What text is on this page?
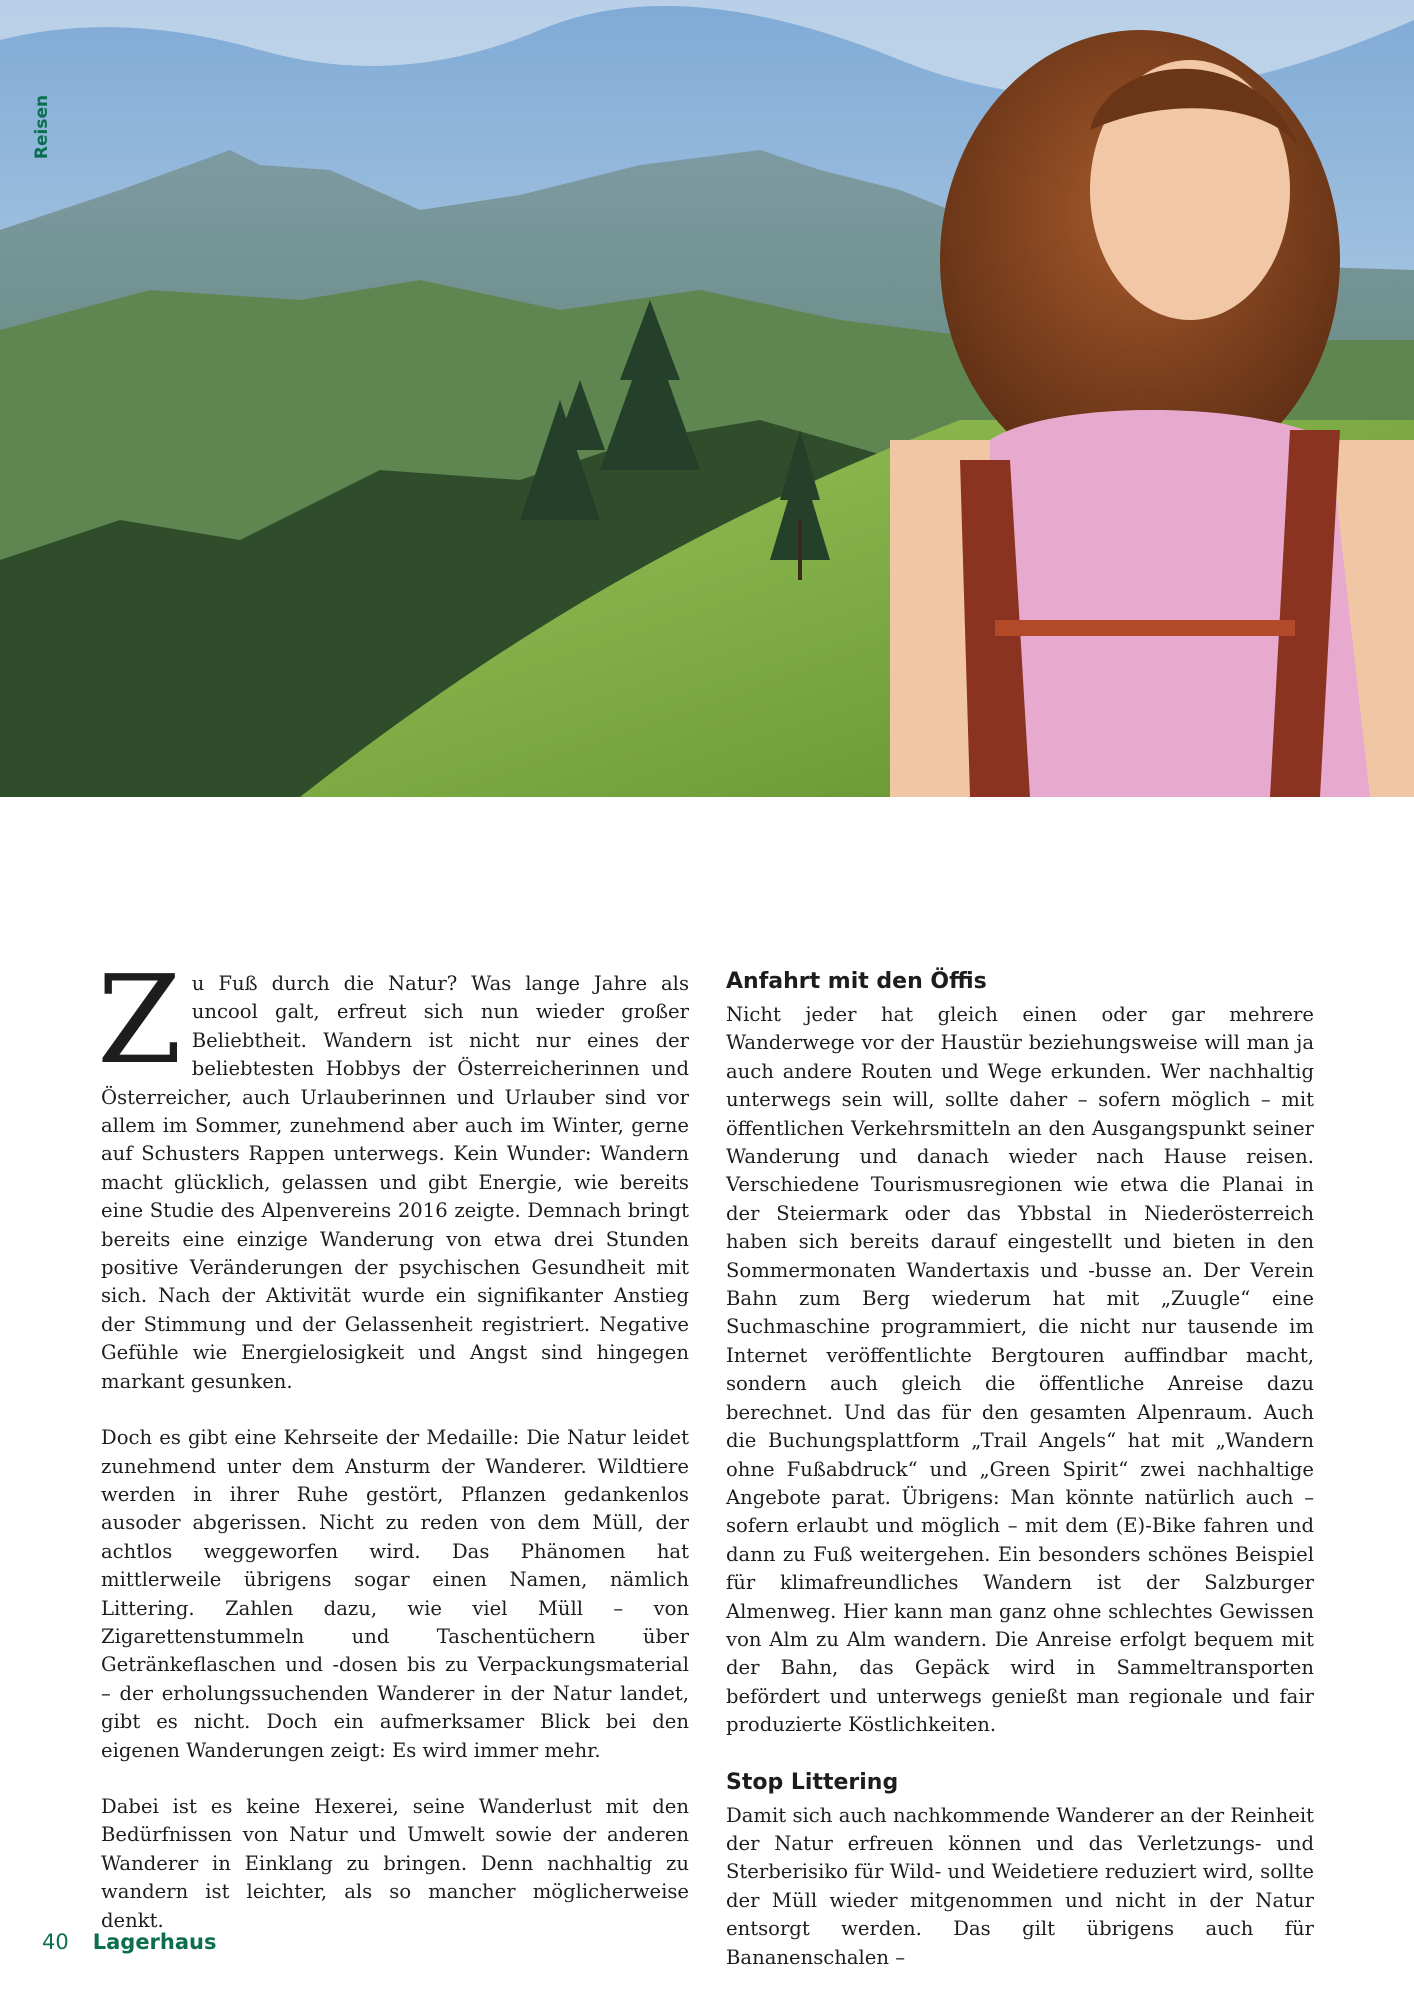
Reisen

Zu Fuß durch die Natur? Was lange Jahre als uncool galt, erfreut sich nun wieder großer Beliebtheit. Wandern ist nicht nur eines der beliebtesten Hobbys der Österreicherinnen und Österreicher, auch Urlauberinnen und Urlauber sind vor allem im Sommer, zunehmend aber auch im Winter, gerne auf Schusters Rappen unterwegs. Kein Wunder: Wandern macht glücklich, gelassen und gibt Energie, wie bereits eine Studie des Alpenvereins 2016 zeigte. Demnach bringt bereits eine einzige Wanderung von etwa drei Stunden positive Veränderungen der psychischen Gesundheit mit sich. Nach der Aktivität wurde ein signifikanter Anstieg der Stimmung und der Gelassenheit registriert. Negative Gefühle wie Energielosigkeit und Angst sind hingegen markant gesunken.

Doch es gibt eine Kehrseite der Medaille: Die Natur leidet zunehmend unter dem Ansturm der Wanderer. Wildtiere werden in ihrer Ruhe gestört, Pflanzen gedankenlos ausoder abgerissen. Nicht zu reden von dem Müll, der achtlos weggeworfen wird. Das Phänomen hat mittlerweile übrigens sogar einen Namen, nämlich Littering. Zahlen dazu, wie viel Müll – von Zigarettenstummeln und Taschentüchern über Getränkeflaschen und -dosen bis zu Verpackungsmaterial – der erholungssuchenden Wanderer in der Natur landet, gibt es nicht. Doch ein aufmerksamer Blick bei den eigenen Wanderungen zeigt: Es wird immer mehr.

Dabei ist es keine Hexerei, seine Wanderlust mit den Bedürfnissen von Natur und Umwelt sowie der anderen Wanderer in Einklang zu bringen. Denn nachhaltig zu wandern ist leichter, als so mancher möglicherweise denkt.

Anfahrt mit den Öffis

Nicht jeder hat gleich einen oder gar mehrere Wanderwege vor der Haustür beziehungsweise will man ja auch andere Routen und Wege erkunden. Wer nachhaltig unterwegs sein will, sollte daher – sofern möglich – mit öffentlichen Verkehrsmitteln an den Ausgangspunkt seiner Wanderung und danach wieder nach Hause reisen. Verschiedene Tourismusregionen wie etwa die Planai in der Steiermark oder das Ybbstal in Niederösterreich haben sich bereits darauf eingestellt und bieten in den Sommermonaten Wandertaxis und -busse an. Der Verein Bahn zum Berg wiederum hat mit „Zuugle“ eine Suchmaschine programmiert, die nicht nur tausende im Internet veröffentlichte Bergtouren auffindbar macht, sondern auch gleich die öffentliche Anreise dazu berechnet. Und das für den gesamten Alpenraum. Auch die Buchungsplattform „Trail Angels“ hat mit „Wandern ohne Fußabdruck“ und „Green Spirit“ zwei nachhaltige Angebote parat. Übrigens: Man könnte natürlich auch – sofern erlaubt und möglich – mit dem (E)-Bike fahren und dann zu Fuß weitergehen. Ein besonders schönes Beispiel für klimafreundliches Wandern ist der Salzburger Almenweg. Hier kann man ganz ohne schlechtes Gewissen von Alm zu Alm wandern. Die Anreise erfolgt bequem mit der Bahn, das Gepäck wird in Sammeltransporten befördert und unterwegs genießt man regionale und fair produzierte Köstlichkeiten.

Stop Littering

Damit sich auch nachkommende Wanderer an der Reinheit der Natur erfreuen können und das Verletzungs- und Sterberisiko für Wild- und Weidetiere reduziert wird, sollte der Müll wieder mitgenommen und nicht in der Natur entsorgt werden. Das gilt übrigens auch für Bananenschalen –

40 Lagerhaus
